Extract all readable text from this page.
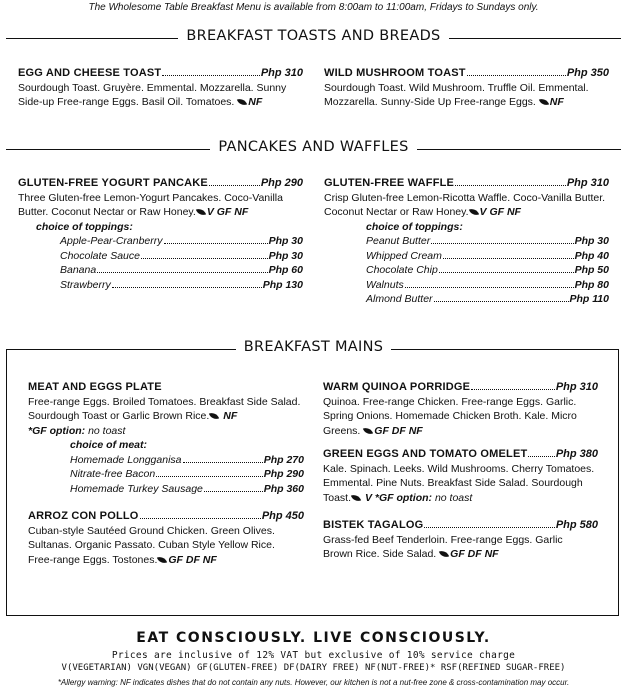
The Wholesome Table Breakfast Menu is available from 8:00am to 11:00am, Fridays to Sundays only.
BREAKFAST TOASTS AND BREADS
EGG AND CHEESE TOAST	Php 310
Sourdough Toast. Gruyère. Emmental. Mozzarella. Sunny
Side-up Free-range Eggs. Basil Oil. Tomatoes. NF
WILD MUSHROOM TOAST	Php 350
Sourdough Toast. Wild Mushroom. Truffle Oil. Emmental.
Mozzarella. Sunny-Side Up Free-range Eggs. NF
PANCAKES AND WAFFLES
GLUTEN-FREE YOGURT PANCAKE	Php 290
Three Gluten-free Lemon-Yogurt Pancakes. Coco-Vanilla
Butter. Coconut Nectar or Raw Honey. V GF NF
choice of toppings:
Apple-Pear-Cranberry	Php 30
Chocolate Sauce	Php 30
Banana	Php 60
Strawberry	Php 130
GLUTEN-FREE WAFFLE	Php 310
Crisp Gluten-free Lemon-Ricotta Waffle. Coco-Vanilla Butter.
Coconut Nectar or Raw Honey. V GF NF
choice of toppings:
Peanut Butter	Php 30
Whipped Cream	Php 40
Chocolate Chip	Php 50
Walnuts	Php 80
Almond Butter	Php 110
BREAKFAST MAINS
MEAT AND EGGS PLATE
Free-range Eggs. Broiled Tomatoes. Breakfast Side Salad.
Sourdough Toast or Garlic Brown Rice. NF
*GF option: no toast
choice of meat:
Homemade Longganisa	Php 270
Nitrate-free Bacon	Php 290
Homemade Turkey Sausage	Php 360
ARROZ CON POLLO	Php 450
Cuban-style Sautéed Ground Chicken. Green Olives.
Sultanas. Organic Passato. Cuban Style Yellow Rice.
Free-range Eggs. Tostones. GF DF NF
WARM QUINOA PORRIDGE	Php 310
Quinoa. Free-range Chicken. Free-range Eggs. Garlic.
Spring Onions. Homemade Chicken Broth. Kale. Micro
Greens. GF DF NF
GREEN EGGS AND TOMATO OMELET	Php 380
Kale. Spinach. Leeks. Wild Mushrooms. Cherry Tomatoes.
Emmental. Pine Nuts. Breakfast Side Salad. Sourdough
Toast. V *GF option: no toast
BISTEK TAGALOG	Php 580
Grass-fed Beef Tenderloin. Free-range Eggs. Garlic
Brown Rice. Side Salad. GF DF NF
EAT CONSCIOUSLY. LIVE CONSCIOUSLY.
Prices are inclusive of 12% VAT but exclusive of 10% service charge
V(VEGETARIAN) VGN(VEGAN) GF(GLUTEN-FREE) DF(DAIRY FREE) NF(NUT-FREE)* RSF(REFINED SUGAR-FREE)
*Allergy warning: NF indicates dishes that do not contain any nuts. However, our kitchen is not a nut-free zone & cross-contamination may occur.
